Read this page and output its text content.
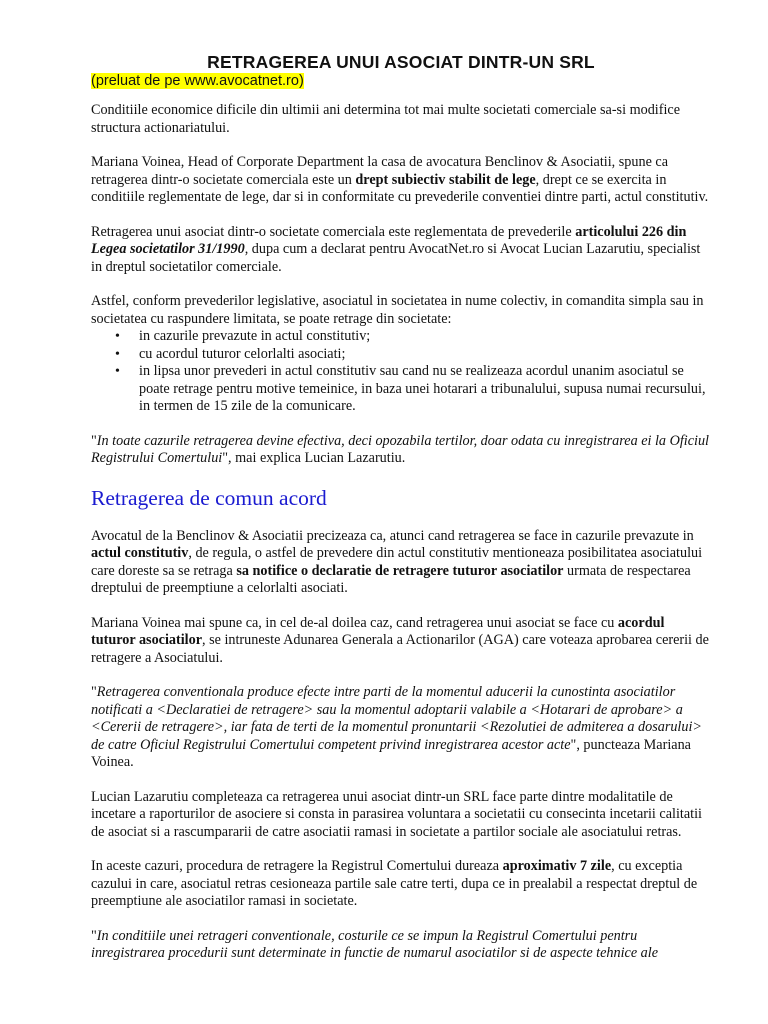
RETRAGEREA UNUI ASOCIAT DINTR-UN SRL
(preluat de pe www.avocatnet.ro)

Conditiile economice dificile din ultimii ani determina tot mai multe societati comerciale sa-si modifice structura actionariatului.

Mariana Voinea, Head of Corporate Department la casa de avocatura Benclinov & Asociatii, spune ca retragerea dintr-o societate comerciala este un drept subiectiv stabilit de lege, drept ce se exercita in conditiile reglementate de lege, dar si in conformitate cu prevederile conventiei dintre parti, actul constitutiv.

Retragerea unui asociat dintr-o societate comerciala este reglementata de prevederile articolului 226 din Legea societatilor 31/1990, dupa cum a declarat pentru AvocatNet.ro si Avocat Lucian Lazarutiu, specialist in dreptul societatilor comerciale.

Astfel, conform prevederilor legislative, asociatul in societatea in nume colectiv, in comandita simpla sau in societatea cu raspundere limitata, se poate retrage din societate:

• in cazurile prevazute in actul constitutiv;
• cu acordul tuturor celorlalti asociati;
• in lipsa unor prevederi in actul constitutiv sau cand nu se realizeaza acordul unanim asociatul se poate retrage pentru motive temeinice, in baza unei hotarari a tribunalului, supusa numai recursului, in termen de 15 zile de la comunicare.

"In toate cazurile retragerea devine efectiva, deci opozabila tertilor, doar odata cu inregistrarea ei la Oficiul Registrului Comertului", mai explica Lucian Lazarutiu.

Retragerea de comun acord

Avocatul de la Benclinov & Asociatii precizeaza ca, atunci cand retragerea se face in cazurile prevazute in actul constitutiv, de regula, o astfel de prevedere din actul constitutiv mentioneaza posibilitatea asociatului care doreste sa se retraga sa notifice o declaratie de retragere tuturor asociatilor urmata de respectarea dreptului de preemptiune a celorlalti asociati.

Mariana Voinea mai spune ca, in cel de-al doilea caz, cand retragerea unui asociat se face cu acordul tuturor asociatilor, se intruneste Adunarea Generala a Actionarilor (AGA) care voteaza aprobarea cererii de retragere a Asociatului.

"Retragerea conventionala produce efecte intre parti de la momentul aducerii la cunostinta asociatilor notificati a <Declaratiei de retragere> sau la momentul adoptarii valabile a <Hotarari de aprobare> a <Cererii de retragere>, iar fata de terti de la momentul pronuntarii <Rezolutiei de admiterea a dosarului> de catre Oficiul Registrului Comertului competent privind inregistrarea acestor acte", puncteaza Mariana Voinea.

Lucian Lazarutiu completeaza ca retragerea unui asociat dintr-un SRL face parte dintre modalitatile de incetare a raporturilor de asociere si consta in parasirea voluntara a societatii cu consecinta incetarii calitatii de asociat si a rascumpararii de catre asociatii ramasi in societate a partilor sociale ale asociatului retras.

In aceste cazuri, procedura de retragere la Registrul Comertului dureaza aproximativ 7 zile, cu exceptia cazului in care, asociatul retras cesioneaza partile sale catre terti, dupa ce in prealabil a respectat dreptul de preemptiune ale asociatilor ramasi in societate.

"In conditiile unei retrageri conventionale, costurile ce se impun la Registrul Comertului pentru inregistrarea procedurii sunt determinate in functie de numarul asociatilor si de aspecte tehnice ale
